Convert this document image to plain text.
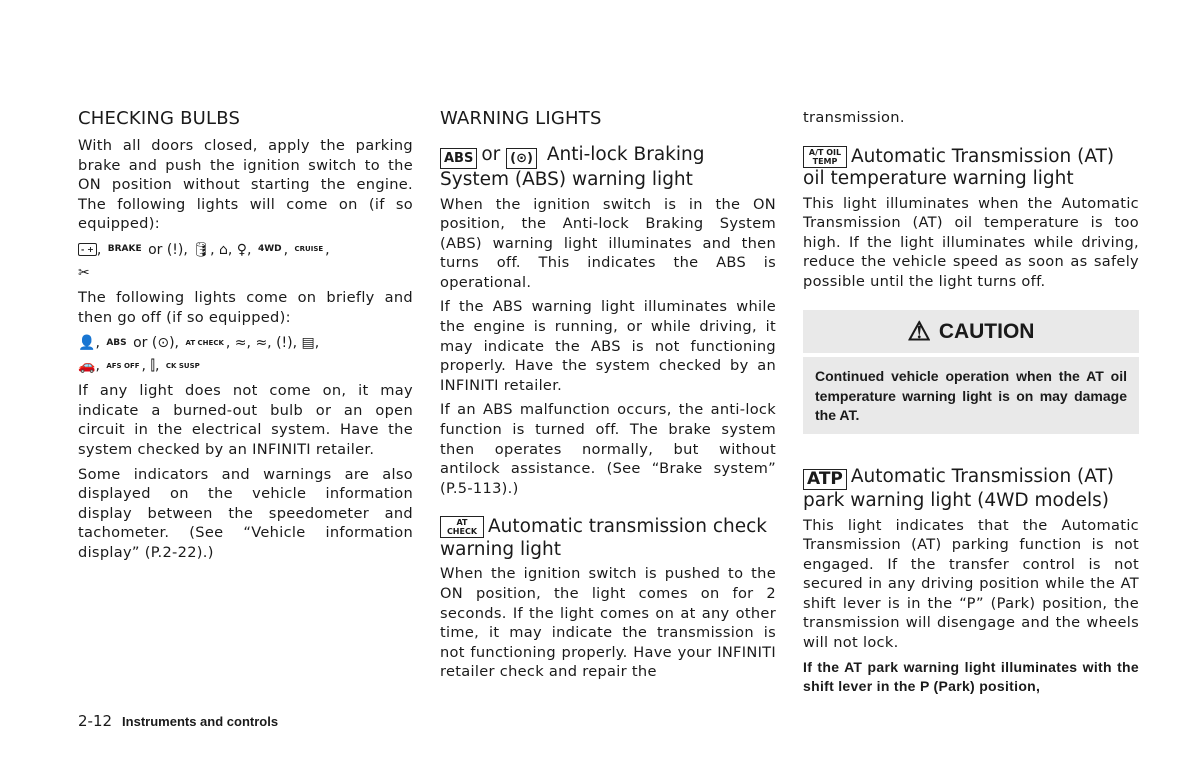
CHECKING BULBS

With all doors closed, apply the parking brake and push the ignition switch to the ON position without starting the engine. The following lights will come on (if so equipped):

- + , BRAKE or (!), 🛢, ⌂, ♀, 4WD , CRUISE ,
✂

The following lights come on briefly and then go off (if so equipped):

👤, ABS or (⊙), AT CHECK , ≈, ≈, (!), ▤,
🚗, AFS OFF , ⫿, CK SUSP

If any light does not come on, it may indicate a burned-out bulb or an open circuit in the electrical system. Have the system checked by an INFINITI retailer.

Some indicators and warnings are also displayed on the vehicle information display between the speedometer and tachometer. (See “Vehicle information display” (P.2-22).)

WARNING LIGHTS
ABS or (⊙) Anti-lock Braking System (ABS) warning light

When the ignition switch is in the ON position, the Anti-lock Braking System (ABS) warning light illuminates and then turns off. This indicates the ABS is operational.

If the ABS warning light illuminates while the engine is running, or while driving, it may indicate the ABS is not functioning properly. Have the system checked by an INFINITI retailer.

If an ABS malfunction occurs, the anti-lock function is turned off. The brake system then operates normally, but without antilock assistance. (See “Brake system” (P.5-113).)

AT CHECK Automatic transmission check warning light

When the ignition switch is pushed to the ON position, the light comes on for 2 seconds. If the light comes on at any other time, it may indicate the transmission is not functioning properly. Have your INFINITI retailer check and repair the

transmission.

A/T OIL TEMP Automatic Transmission (AT) oil temperature warning light

This light illuminates when the Automatic Transmission (AT) oil temperature is too high. If the light illuminates while driving, reduce the vehicle speed as soon as safely possible until the light turns off.

⚠ CAUTION
Continued vehicle operation when the AT oil temperature warning light is on may damage the AT.
ATP Automatic Transmission (AT) park warning light (4WD models)

This light indicates that the Automatic Transmission (AT) parking function is not engaged. If the transfer control is not secured in any driving position while the AT shift lever is in the “P” (Park) position, the transmission will disengage and the wheels will not lock.

If the AT park warning light illuminates with the shift lever in the P (Park) position,

2-12 Instruments and controls
